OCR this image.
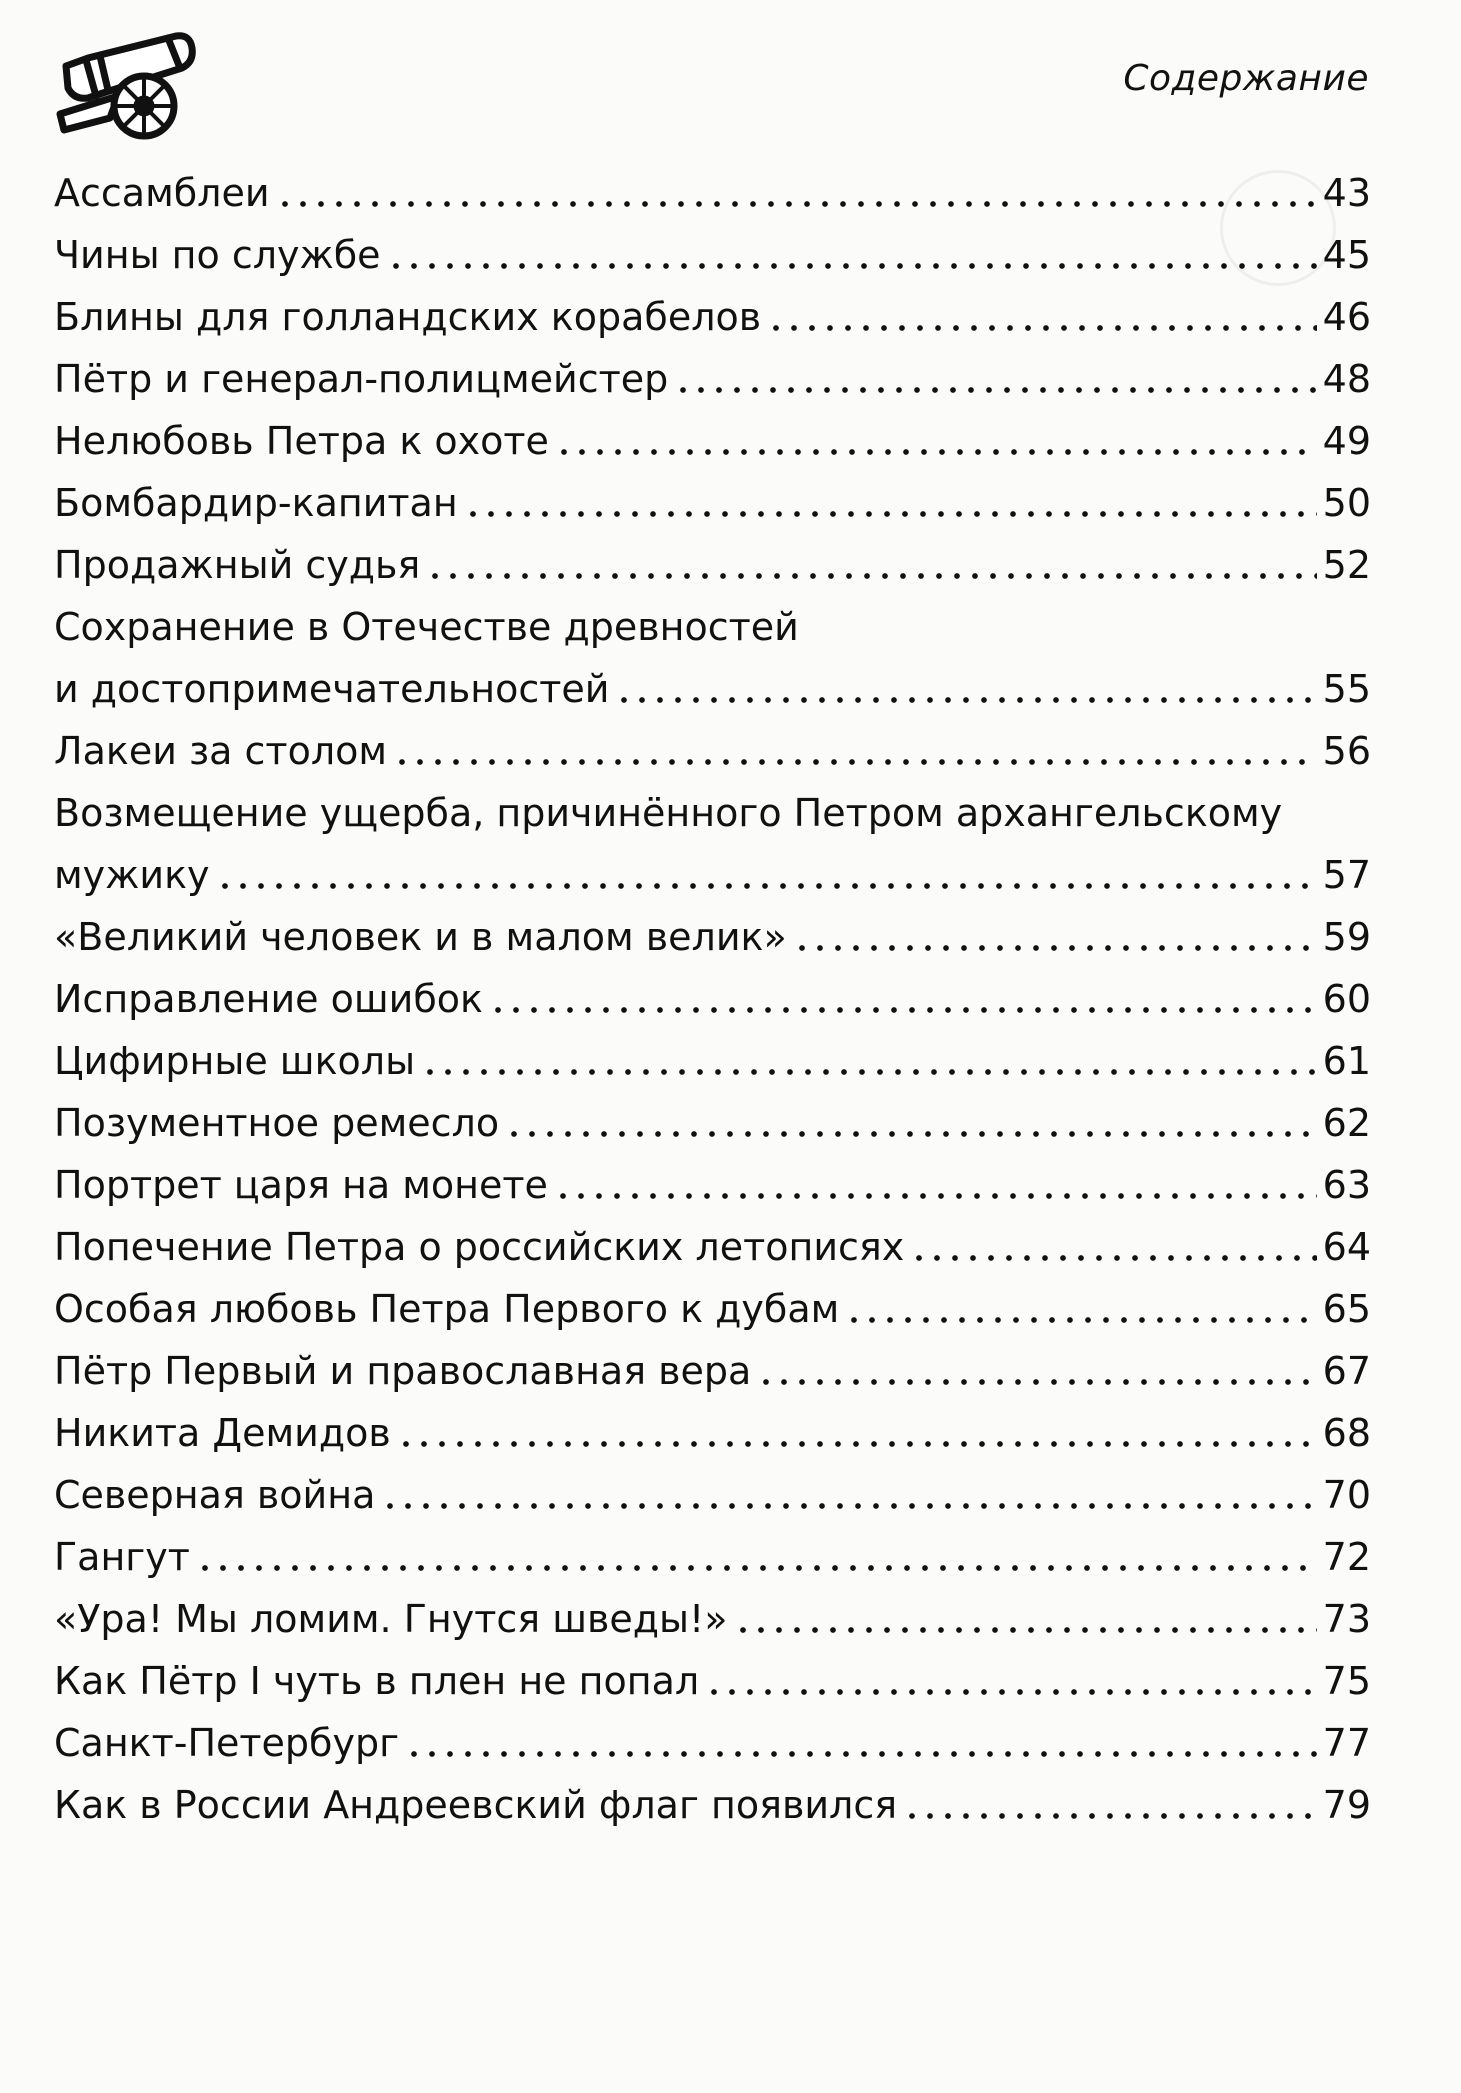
Содержание
Ассамблеи	43
Чины по службе	45
Блины для голландских корабелов	46
Пётр и генерал-полицмейстер	48
Нелюбовь Петра к охоте	49
Бомбардир-капитан	50
Продажный судья	52
Сохранение в Отечестве древностей
и достопримечательностей	55
Лакеи за столом	56
Возмещение ущерба, причинённого Петром архангельскому
мужику	57
«Великий человек и в малом велик»	59
Исправление ошибок	60
Цифирные школы	61
Позументное ремесло	62
Портрет царя на монете	63
Попечение Петра о российских летописях	64
Особая любовь Петра Первого к дубам	65
Пётр Первый и православная вера	67
Никита Демидов	68
Северная война	70
Гангут	72
«Ура! Мы ломим. Гнутся шведы!»	73
Как Пётр I чуть в плен не попал	75
Санкт-Петербург	77
Как в России Андреевский флаг появился	79
